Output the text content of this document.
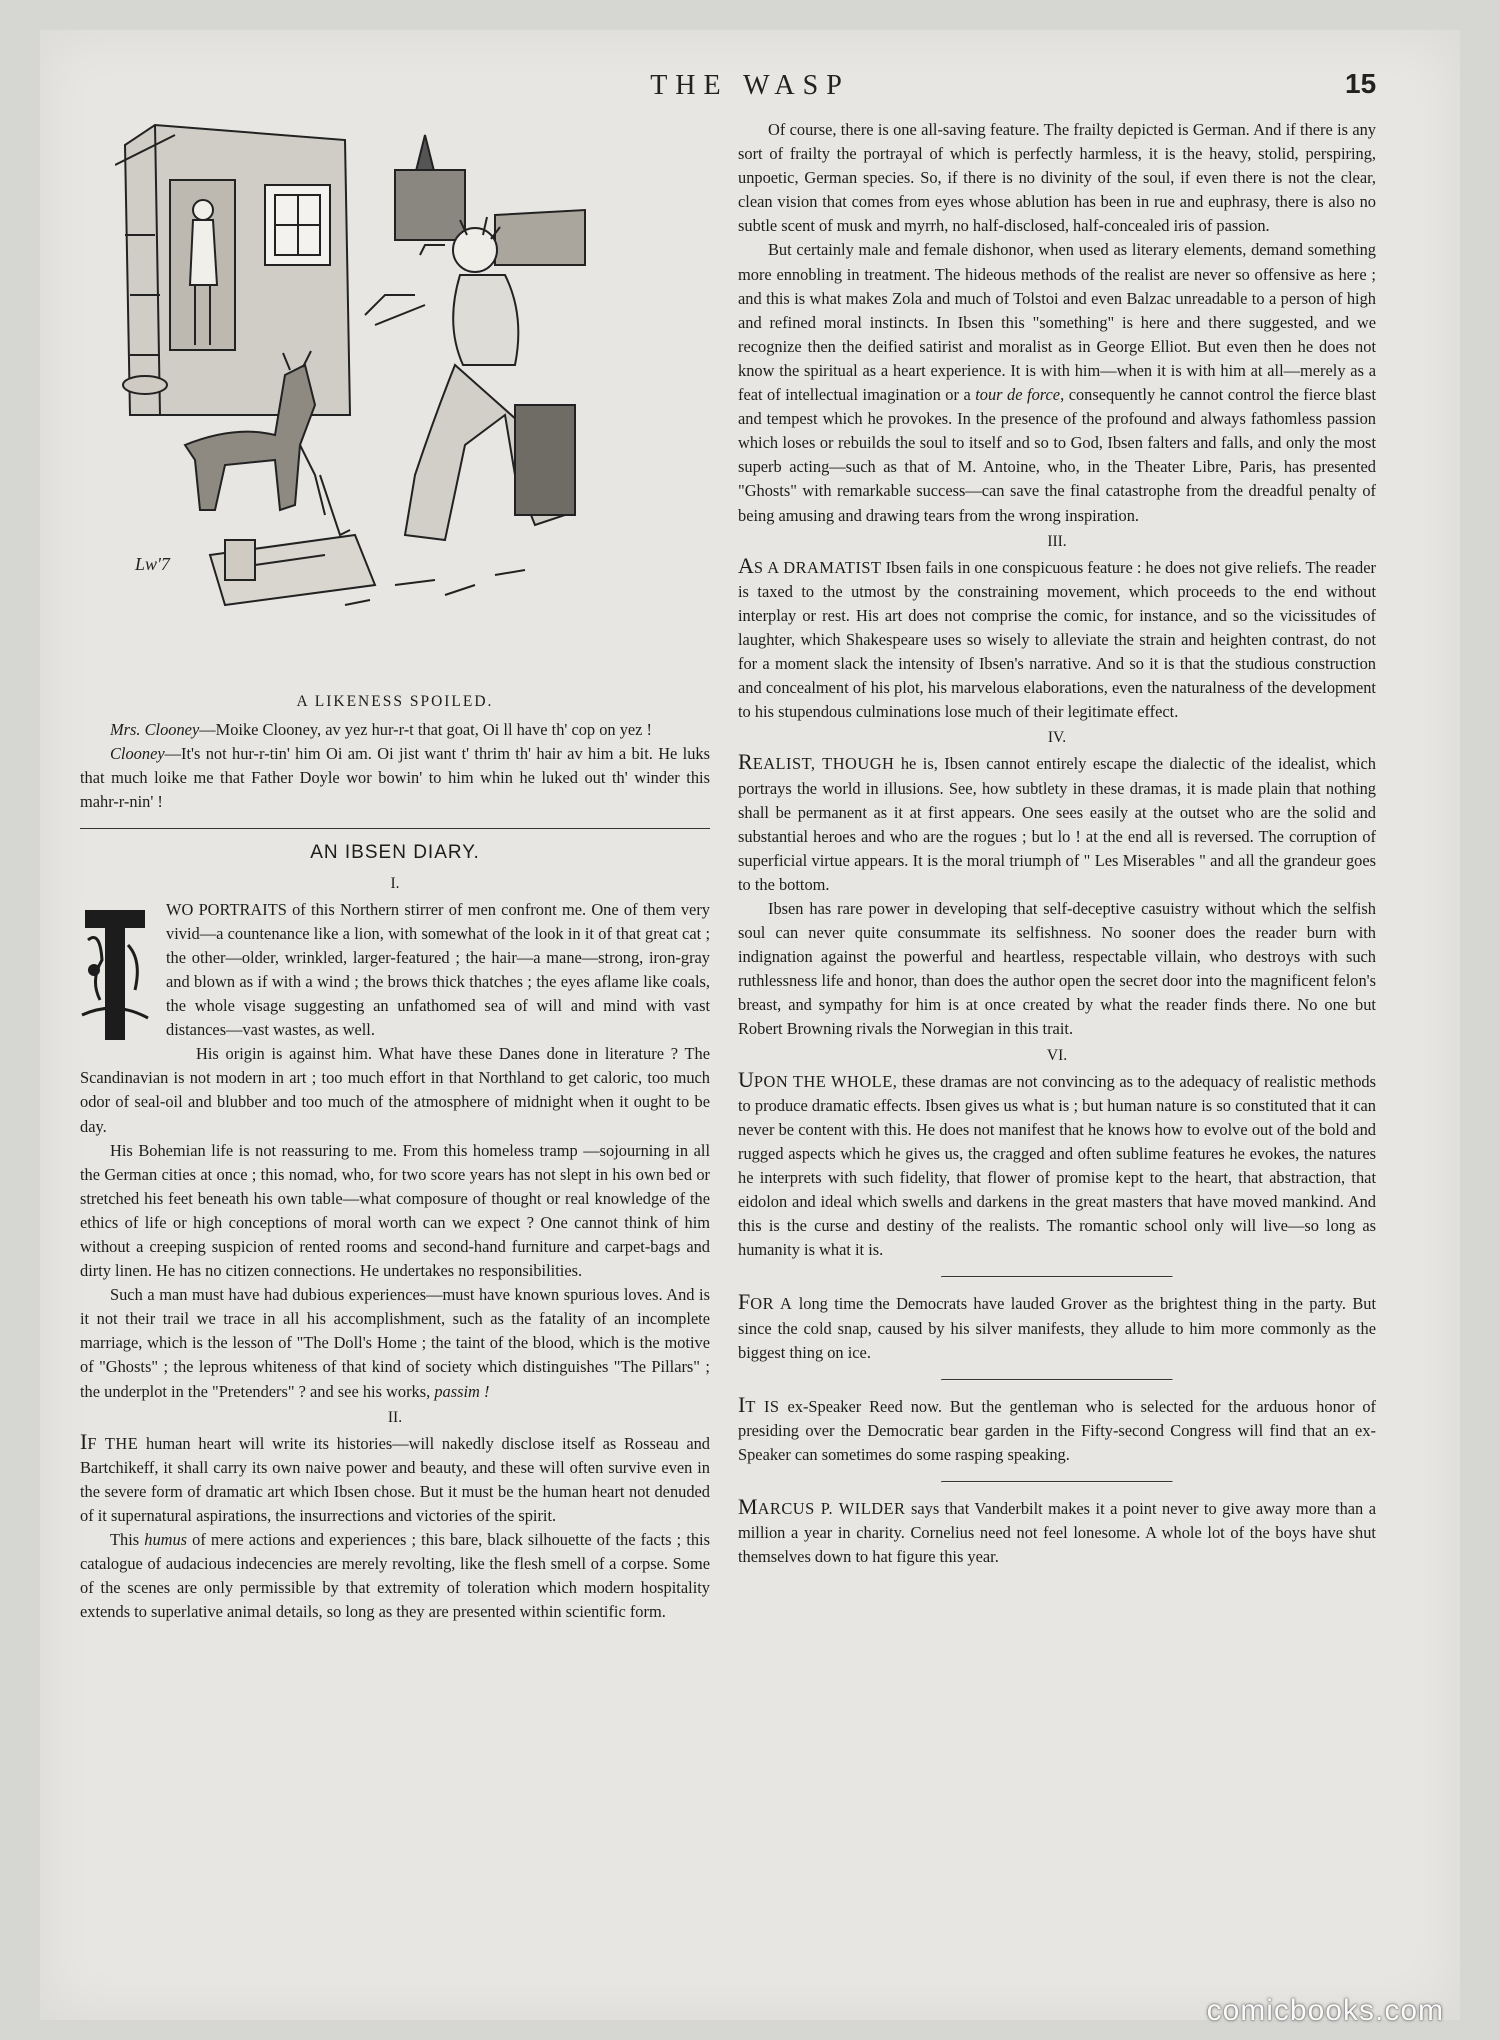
THE WASP	15
Lw'7
A LIKENESS SPOILED.

Mrs. Clooney—Moike Clooney, av yez hur-r-t that goat, Oi ll have th' cop on yez !

Clooney—It's not hur-r-tin' him Oi am. Oi jist want t' thrim th' hair av him a bit. He luks that much loike me that Father Doyle wor bowin' to him whin he luked out th' winder this mahr-r-nin' !

AN IBSEN DIARY.
I.

WO PORTRAITS of this Northern stirrer of men confront me. One of them very vivid—a countenance like a lion, with somewhat of the look in it of that great cat ; the other—older, wrinkled, larger-featured ; the hair—a mane—strong, iron-gray and blown as if with a wind ; the brows thick thatches ; the eyes aflame like coals, the whole visage suggesting an unfathomed sea of will and mind with vast distances—vast wastes, as well.

His origin is against him. What have these Danes done in literature ? The Scandinavian is not modern in art ; too much effort in that Northland to get caloric, too much odor of seal-oil and blubber and too much of the atmosphere of midnight when it ought to be day.

His Bohemian life is not reassuring to me. From this homeless tramp —sojourning in all the German cities at once ; this nomad, who, for two score years has not slept in his own bed or stretched his feet beneath his own table—what composure of thought or real knowledge of the ethics of life or high conceptions of moral worth can we expect ? One cannot think of him without a creeping suspicion of rented rooms and second-hand furniture and carpet-bags and dirty linen. He has no citizen connections. He undertakes no responsibilities.

Such a man must have had dubious experiences—must have known spurious loves. And is it not their trail we trace in all his accomplishment, such as the fatality of an incomplete marriage, which is the lesson of "The Doll's Home ; the taint of the blood, which is the motive of "Ghosts" ; the leprous whiteness of that kind of society which distinguishes "The Pillars" ; the underplot in the "Pretenders" ? and see his works, passim !

II.

IF THE human heart will write its histories—will nakedly disclose itself as Rosseau and Bartchikeff, it shall carry its own naive power and beauty, and these will often survive even in the severe form of dramatic art which Ibsen chose. But it must be the human heart not denuded of it supernatural aspirations, the insurrections and victories of the spirit.

This humus of mere actions and experiences ; this bare, black silhouette of the facts ; this catalogue of audacious indecencies are merely revolting, like the flesh smell of a corpse. Some of the scenes are only permissible by that extremity of toleration which modern hospitality extends to superlative animal details, so long as they are presented within scientific form.

Of course, there is one all-saving feature. The frailty depicted is German. And if there is any sort of frailty the portrayal of which is perfectly harmless, it is the heavy, stolid, perspiring, unpoetic, German species. So, if there is no divinity of the soul, if even there is not the clear, clean vision that comes from eyes whose ablution has been in rue and euphrasy, there is also no subtle scent of musk and myrrh, no half-disclosed, half-concealed iris of passion.

But certainly male and female dishonor, when used as literary elements, demand something more ennobling in treatment. The hideous methods of the realist are never so offensive as here ; and this is what makes Zola and much of Tolstoi and even Balzac unreadable to a person of high and refined moral instincts. In Ibsen this "something" is here and there suggested, and we recognize then the deified satirist and moralist as in George Elliot. But even then he does not know the spiritual as a heart experience. It is with him—when it is with him at all—merely as a feat of intellectual imagination or a tour de force, consequently he cannot control the fierce blast and tempest which he provokes. In the presence of the profound and always fathomless passion which loses or rebuilds the soul to itself and so to God, Ibsen falters and falls, and only the most superb acting—such as that of M. Antoine, who, in the Theater Libre, Paris, has presented "Ghosts" with remarkable success—can save the final catastrophe from the dreadful penalty of being amusing and drawing tears from the wrong inspiration.

III.

AS A DRAMATIST Ibsen fails in one conspicuous feature : he does not give reliefs. The reader is taxed to the utmost by the constraining movement, which proceeds to the end without interplay or rest. His art does not comprise the comic, for instance, and so the vicissitudes of laughter, which Shakespeare uses so wisely to alleviate the strain and heighten contrast, do not for a moment slack the intensity of Ibsen's narrative. And so it is that the studious construction and concealment of his plot, his marvelous elaborations, even the naturalness of the development to his stupendous culminations lose much of their legitimate effect.

IV.

REALIST, THOUGH he is, Ibsen cannot entirely escape the dialectic of the idealist, which portrays the world in illusions. See, how subtlety in these dramas, it is made plain that nothing shall be permanent as it at first appears. One sees easily at the outset who are the solid and substantial heroes and who are the rogues ; but lo ! at the end all is reversed. The corruption of superficial virtue appears. It is the moral triumph of " Les Miserables " and all the grandeur goes to the bottom.

Ibsen has rare power in developing that self-deceptive casuistry without which the selfish soul can never quite consummate its selfishness. No sooner does the reader burn with indignation against the powerful and heartless, respectable villain, who destroys with such ruthlessness life and honor, than does the author open the secret door into the magnificent felon's breast, and sympathy for him is at once created by what the reader finds there. No one but Robert Browning rivals the Norwegian in this trait.

VI.

UPON THE WHOLE, these dramas are not convincing as to the adequacy of realistic methods to produce dramatic effects. Ibsen gives us what is ; but human nature is so constituted that it can never be content with this. He does not manifest that he knows how to evolve out of the bold and rugged aspects which he gives us, the cragged and often sublime features he evokes, the natures he interprets with such fidelity, that flower of promise kept to the heart, that abstraction, that eidolon and ideal which swells and darkens in the great masters that have moved mankind. And this is the curse and destiny of the realists. The romantic school only will live—so long as humanity is what it is.

FOR A long time the Democrats have lauded Grover as the brightest thing in the party. But since the cold snap, caused by his silver manifests, they allude to him more commonly as the biggest thing on ice.

IT IS ex-Speaker Reed now. But the gentleman who is selected for the arduous honor of presiding over the Democratic bear garden in the Fifty-second Congress will find that an ex-Speaker can sometimes do some rasping speaking.

MARCUS P. WILDER says that Vanderbilt makes it a point never to give away more than a million a year in charity. Cornelius need not feel lonesome. A whole lot of the boys have shut themselves down to hat figure this year.

comicbooks.com
